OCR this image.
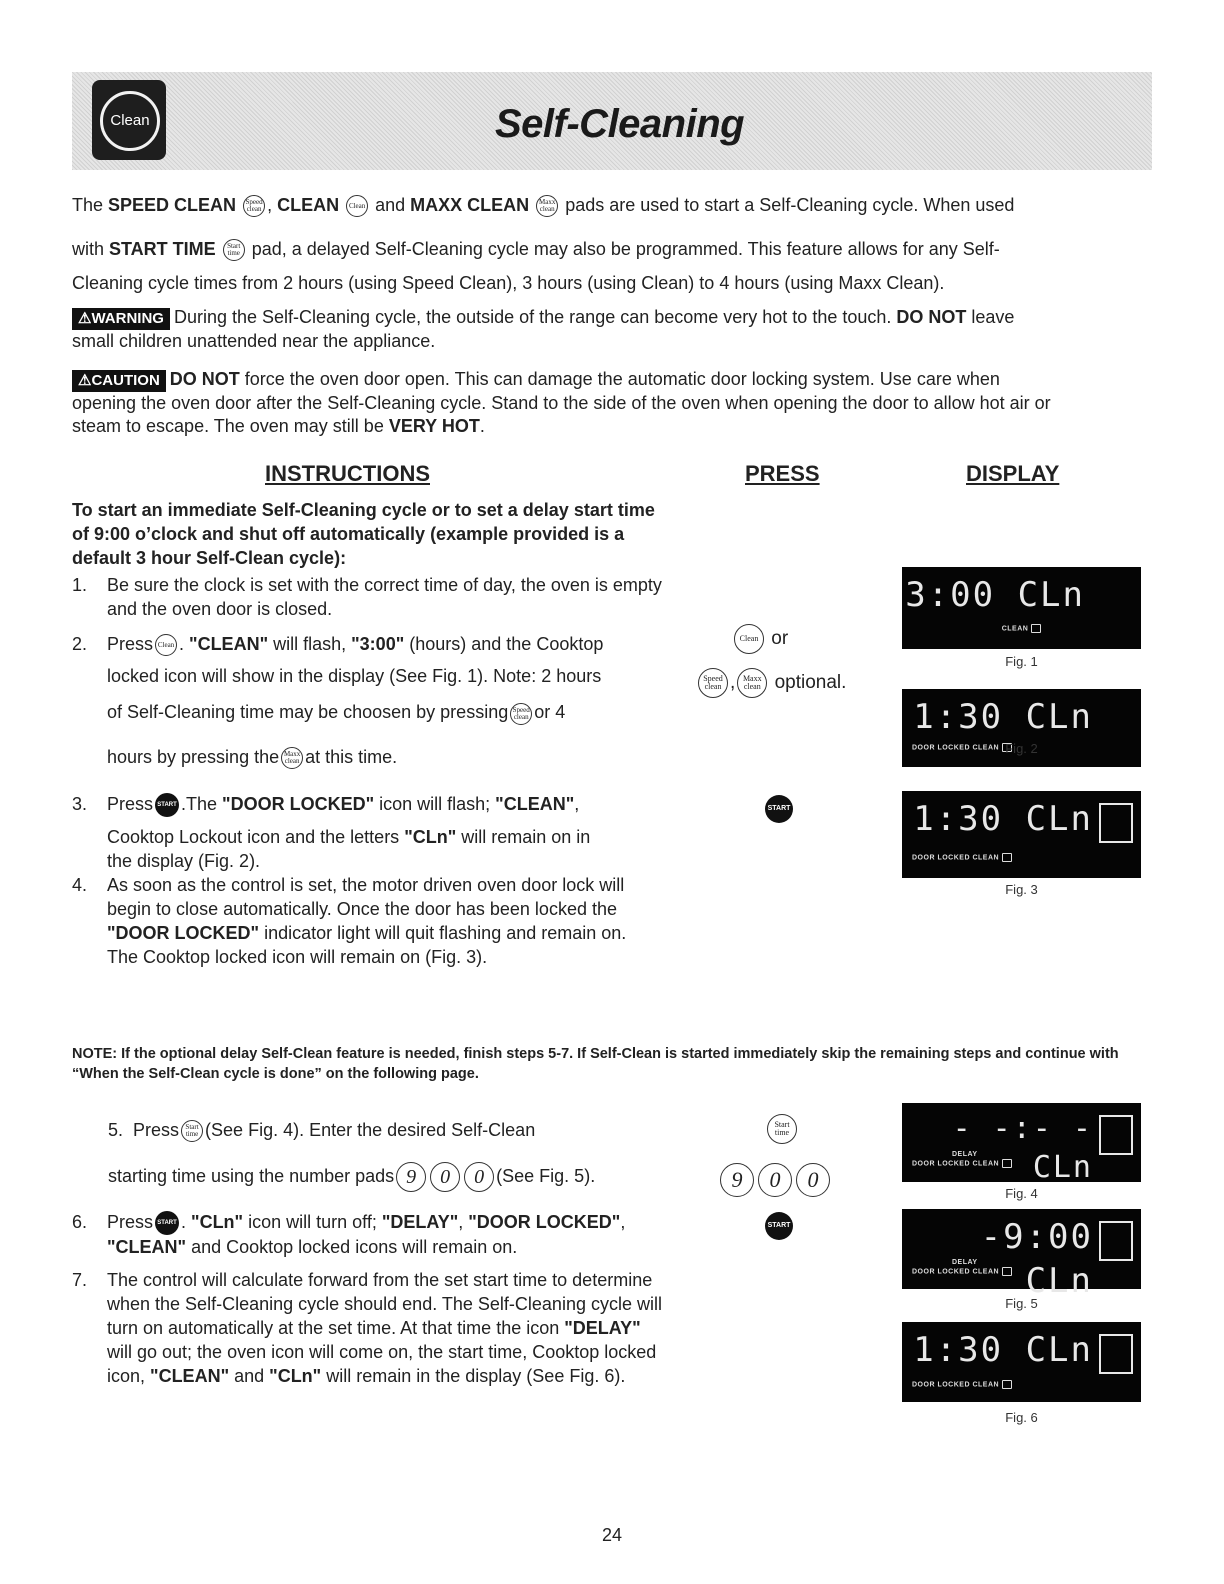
Clean	Self-Cleaning
The SPEED CLEAN Speed
clean , CLEAN Clean and MAXX CLEAN Maxx
clean pads are used to start a Self-Cleaning cycle. When used
with START TIME Start
time pad, a delayed Self-Cleaning cycle may also be programmed. This feature allows for any Self-
Cleaning cycle times from 2 hours (using Speed Clean), 3 hours (using Clean) to 4 hours (using Maxx Clean).
⚠WARNING During the Self-Cleaning cycle, the outside of the range can become very hot to the touch. DO NOT leave
small children unattended near the appliance.
⚠CAUTION DO NOT force the oven door open. This can damage the automatic door locking system. Use care when
opening the oven door after the Self-Cleaning cycle. Stand to the side of the oven when opening the door to allow hot air or
steam to escape. The oven may still be VERY HOT.
INSTRUCTIONS	PRESS	DISPLAY
To start an immediate Self-Cleaning cycle or to set a delay start time of 9:00 o’clock and shut off automatically (example provided is a default 3 hour Self-Clean cycle):
1. Be sure the clock is set with the correct time of day, the oven is empty and the oven door is closed.
2. Press Clean . "CLEAN" will flash, "3:00" (hours) and the Cooktop
locked icon will show in the display (See Fig. 1). Note: 2 hours
of Self-Cleaning time may be choosen by pressing Speed
clean or 4
hours by pressing the Maxx
clean at this time.
3. Press START .The "DOOR LOCKED" icon will flash; "CLEAN",
Cooktop Lockout icon and the letters "CLn" will remain on in
the display (Fig. 2).
4. As soon as the control is set, the motor driven oven door lock will begin to close automatically. Once the door has been locked the "DOOR LOCKED" indicator light will quit flashing and remain on. The Cooktop locked icon will remain on (Fig. 3).
Clean or
Speed
clean , Maxx
clean optional.
START
3:00 CLn
CLEAN
Fig. 1
1:30 CLn
DOOR LOCKED CLEAN Fig. 2
1:30 CLn
DOOR LOCKED CLEAN
Fig. 3
NOTE: If the optional delay Self-Clean feature is needed, finish steps 5-7. If Self-Clean is started immediately skip the remaining steps and continue with “When the Self-Clean cycle is done” on the following page.
5. Press Start
time (See Fig. 4). Enter the desired Self-Clean
starting time using the number pads 9 0 0 (See Fig. 5).
6. Press START . "CLn" icon will turn off; "DELAY", "DOOR LOCKED", "CLEAN" and Cooktop locked icons will remain on.
7. The control will calculate forward from the set start time to determine when the Self-Cleaning cycle should end. The Self-Cleaning cycle will turn on automatically at the set time. At that time the icon "DELAY" will go out; the oven icon will come on, the start time, Cooktop locked icon, "CLEAN" and "CLn" will remain in the display (See Fig. 6).
Start
time
9 0 0
START
- -:- - CLn
DELAY
DOOR LOCKED CLEAN
Fig. 4
-9:00 CLn
DELAY
DOOR LOCKED CLEAN
Fig. 5
1:30 CLn
DOOR LOCKED CLEAN
Fig. 6
24
